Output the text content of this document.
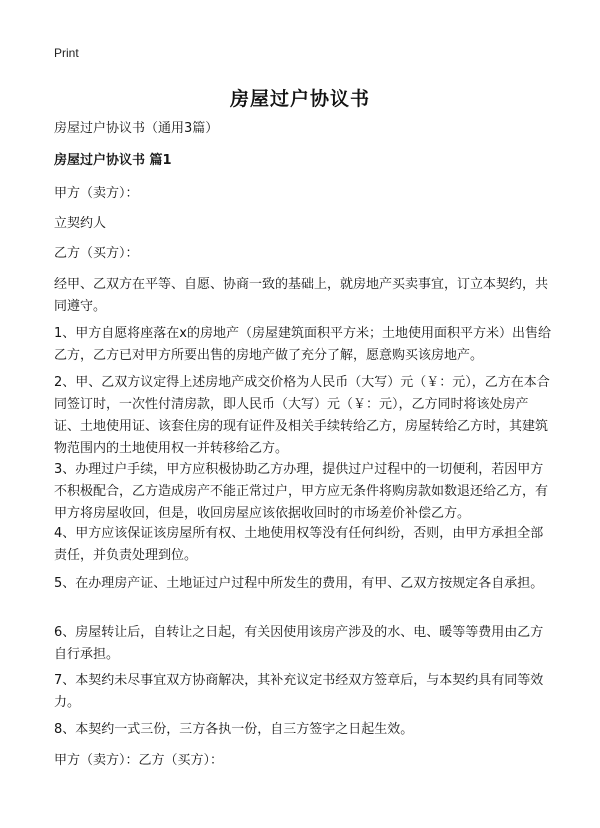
Print
房屋过户协议书
房屋过户协议书（通用3篇）
房屋过户协议书 篇1
甲方（卖方）：
立契约人
乙方（买方）：
经甲、乙双方在平等、自愿、协商一致的基础上，就房地产买卖事宜，订立本契约，共同遵守。
1、甲方自愿将座落在x的房地产（房屋建筑面积平方米；土地使用面积平方米）出售给乙方，乙方已对甲方所要出售的房地产做了充分了解，愿意购买该房地产。
2、甲、乙双方议定得上述房地产成交价格为人民币（大写）元（￥：元），乙方在本合同签订时，一次性付清房款，即人民币（大写）元（￥：元），乙方同时将该处房产证、土地使用证、该套住房的现有证件及相关手续转给乙方，房屋转给乙方时，其建筑物范围内的土地使用权一并转移给乙方。
3、办理过户手续，甲方应积极协助乙方办理，提供过户过程中的一切便利，若因甲方不积极配合，乙方造成房产不能正常过户，甲方应无条件将购房款如数退还给乙方，有甲方将房屋收回，但是，收回房屋应该依据收回时的市场差价补偿乙方。
4、甲方应该保证该房屋所有权、土地使用权等没有任何纠纷，否则，由甲方承担全部责任，并负责处理到位。
5、在办理房产证、土地证过户过程中所发生的费用，有甲、乙双方按规定各自承担。
6、房屋转让后，自转让之日起，有关因使用该房产涉及的水、电、暖等等费用由乙方自行承担。
7、本契约未尽事宜双方协商解决，其补充议定书经双方签章后，与本契约具有同等效力。
8、本契约一式三份，三方各执一份，自三方签字之日起生效。
甲方（卖方）：乙方（买方）：
